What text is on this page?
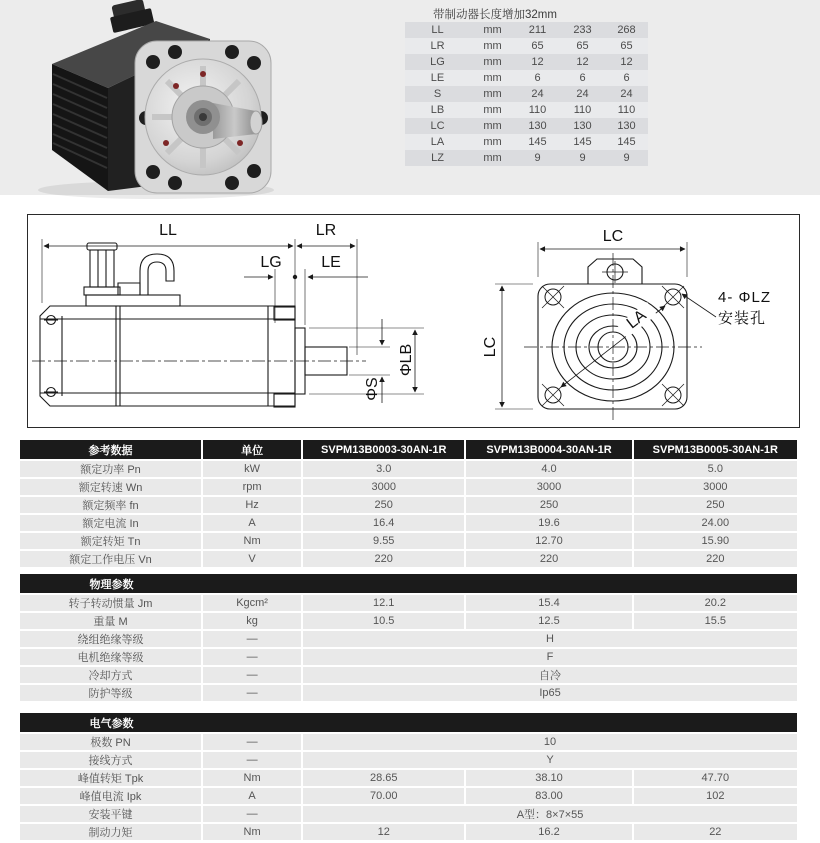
带制动器长度增加32mm
LL	mm	211	233	268
LR	mm	65	65	65
LG	mm	12	12	12
LE	mm	6	6	6
S	mm	24	24	24
LB	mm	110	110	110
LC	mm	130	130	130
LA	mm	145	145	145
LZ	mm	9	9	9
LL	LR
LG	LE
ΦS
ΦLB
LC
LC
LA
4- ΦLZ
安装孔
参考数据	单位	SVPM13B0003-30AN-1R	SVPM13B0004-30AN-1R	SVPM13B0005-30AN-1R
额定功率 Pn	kW	3.0	4.0	5.0
额定转速 Wn	rpm	3000	3000	3000
额定频率 fn	Hz	250	250	250
额定电流 In	A	16.4	19.6	24.00
额定转矩 Tn	Nm	9.55	12.70	15.90
额定工作电压 Vn	V	220	220	220
物理参数				
转子转动惯量 Jm	Kgcm²	12.1	15.4	20.2
重量 M	kg	10.5	12.5	15.5
绕组绝缘等级	—	H		
电机绝缘等级	—	F		
冷却方式	—	自冷		
防护等级	—	Ip65		
电气参数				
极数 PN	—	10		
接线方式	—	Y		
峰值转矩 Tpk	Nm	28.65	38.10	47.70
峰值电流 Ipk	A	70.00	83.00	102
安装平键	—	A型：8×7×55		
制动力矩	Nm	12	16.2	22
